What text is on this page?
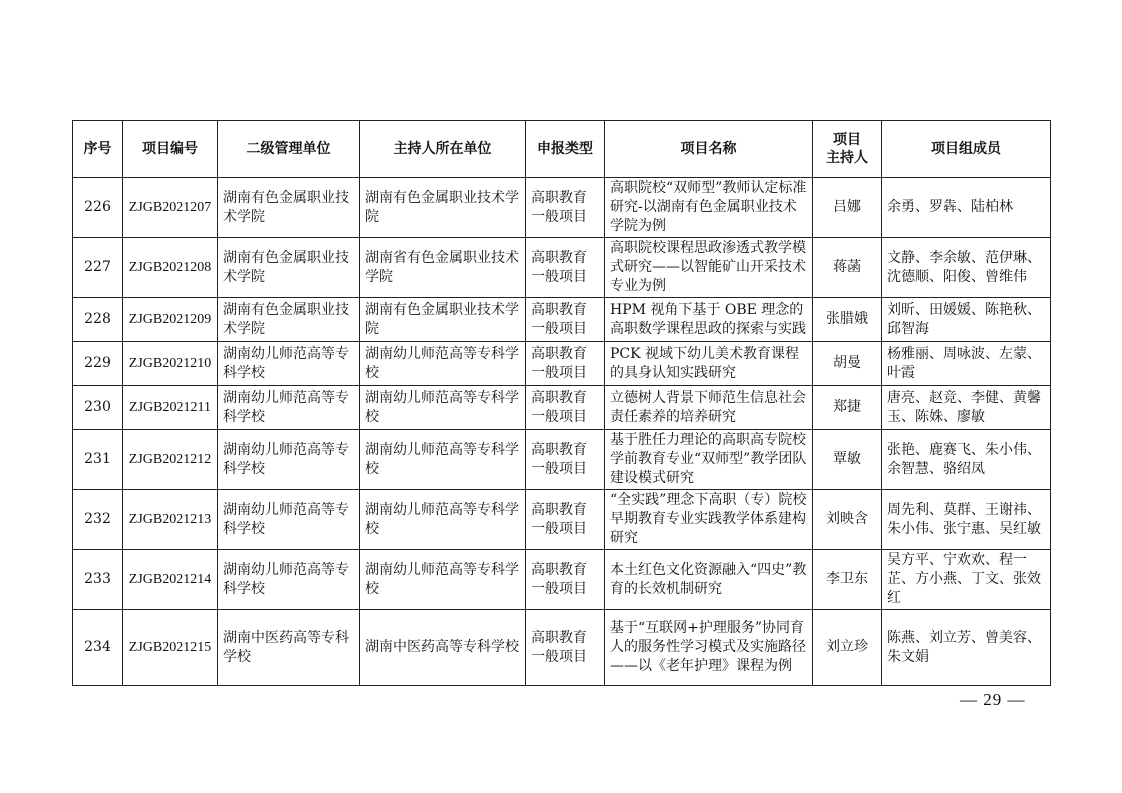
序号	项目编号	二级管理单位	主持人所在单位	申报类型	项目名称	项目
主持人	项目组成员
226	ZJGB2021207	湖南有色金属职业技术学院	湖南有色金属职业技术学院	高职教育一般项目	高职院校“双师型”教师认定标准研究-以湖南有色金属职业技术学院为例	吕娜	余勇、罗犇、陆柏林
227	ZJGB2021208	湖南有色金属职业技术学院	湖南省有色金属职业技术学院	高职教育一般项目	高职院校课程思政渗透式教学模式研究——以智能矿山开采技术专业为例	蒋菡	文静、李余敏、范伊琳、沈德顺、阳俊、曾维伟
228	ZJGB2021209	湖南有色金属职业技术学院	湖南有色金属职业技术学院	高职教育一般项目	HPM 视角下基于 OBE 理念的高职数学课程思政的探索与实践	张腊娥	刘昕、田媛媛、陈艳秋、邱智海
229	ZJGB2021210	湖南幼儿师范高等专科学校	湖南幼儿师范高等专科学校	高职教育一般项目	PCK 视域下幼儿美术教育课程的具身认知实践研究	胡曼	杨雅丽、周咏波、左蒙、叶霞
230	ZJGB2021211	湖南幼儿师范高等专科学校	湖南幼儿师范高等专科学校	高职教育一般项目	立德树人背景下师范生信息社会责任素养的培养研究	郑捷	唐亮、赵竞、李健、黄馨玉、陈姝、廖敏
231	ZJGB2021212	湖南幼儿师范高等专科学校	湖南幼儿师范高等专科学校	高职教育一般项目	基于胜任力理论的高职高专院校学前教育专业“双师型”教学团队建设模式研究	覃敏	张艳、鹿赛飞、朱小伟、余智慧、骆绍凤
232	ZJGB2021213	湖南幼儿师范高等专科学校	湖南幼儿师范高等专科学校	高职教育一般项目	“全实践”理念下高职（专）院校早期教育专业实践教学体系建构研究	刘映含	周先利、莫群、王谢祎、朱小伟、张宁惠、吴红敏
233	ZJGB2021214	湖南幼儿师范高等专科学校	湖南幼儿师范高等专科学校	高职教育一般项目	本土红色文化资源融入“四史”教育的长效机制研究	李卫东	吴方平、宁欢欢、程一芷、方小燕、丁文、张效红
234	ZJGB2021215	湖南中医药高等专科学校	湖南中医药高等专科学校	高职教育一般项目	基于“互联网+护理服务”协同育人的服务性学习模式及实施路径——以《老年护理》课程为例	刘立珍	陈燕、刘立芳、曾美容、朱文娟
— 29 —
